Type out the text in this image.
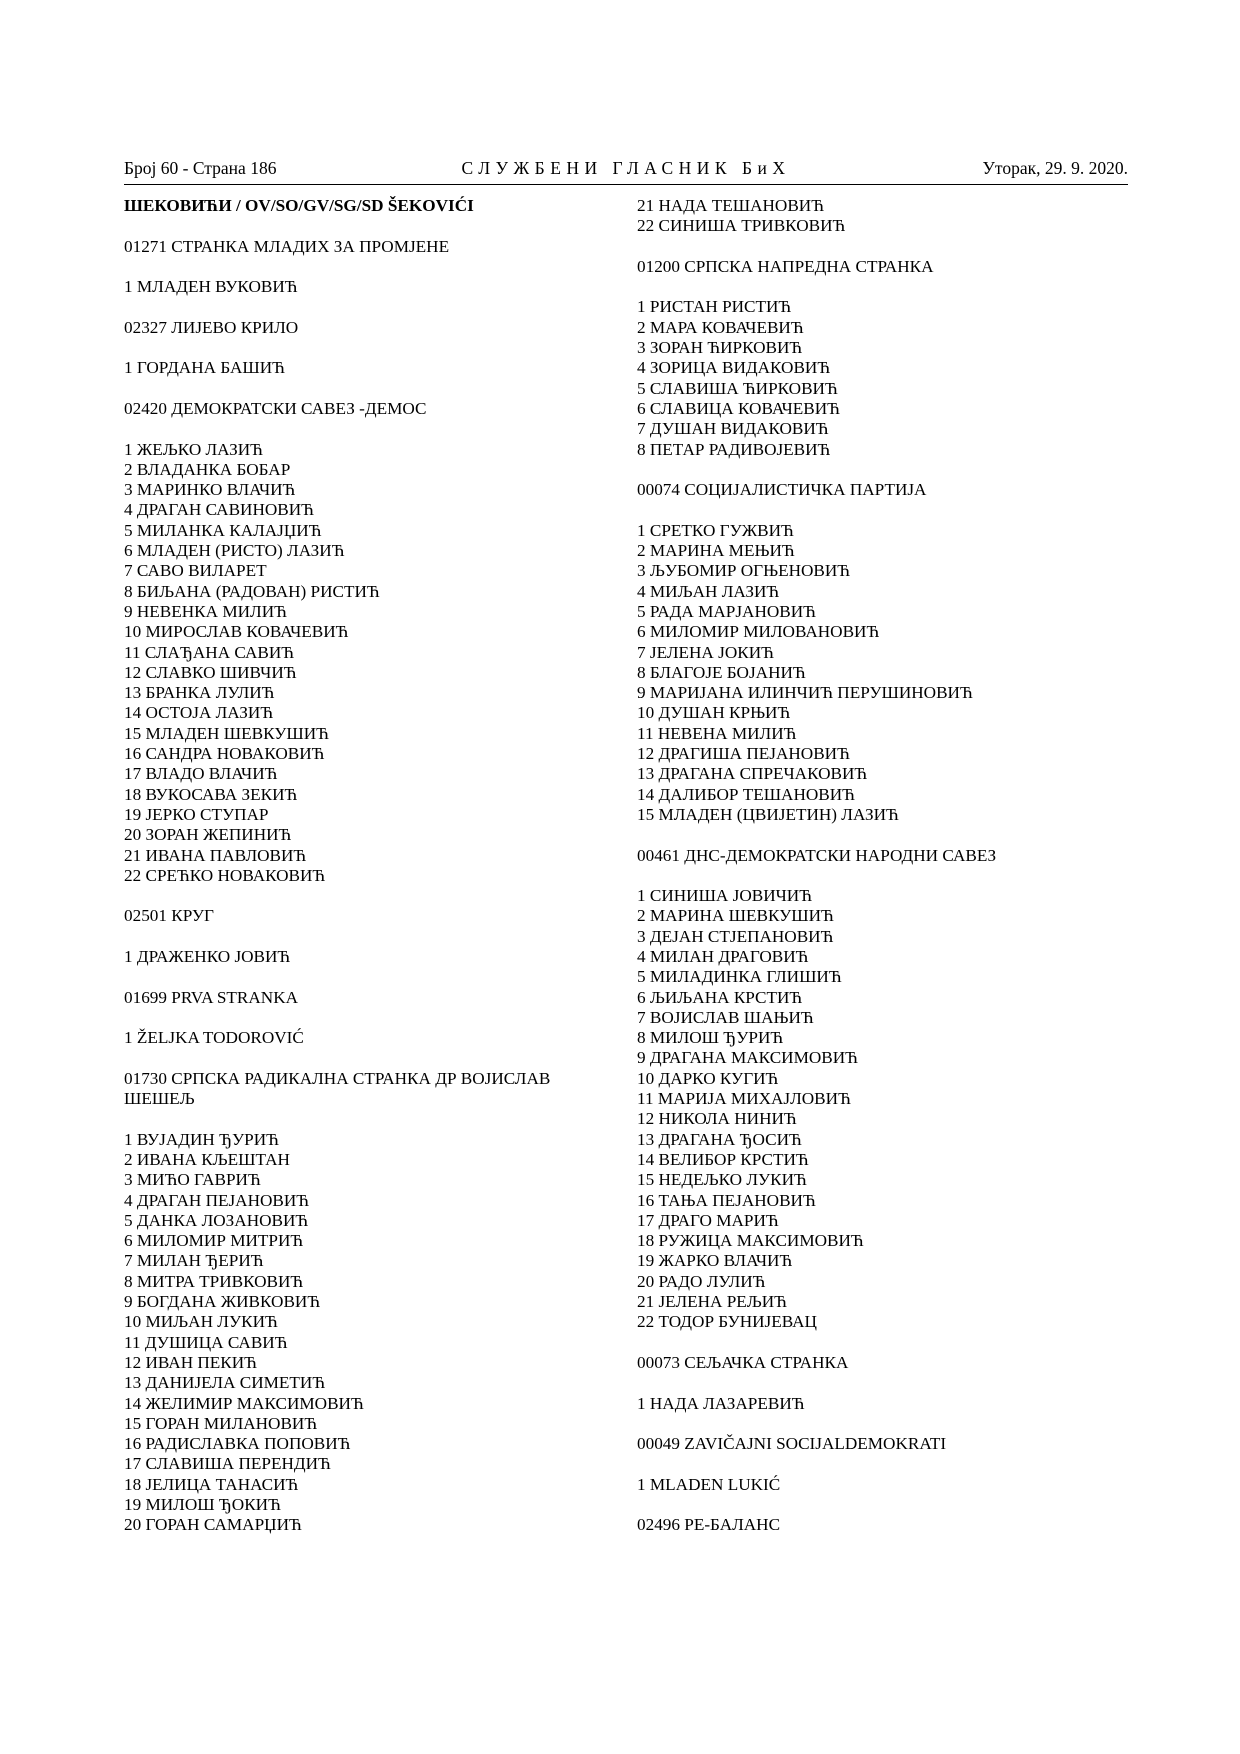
Број 60 - Страна 186	СЛУЖБЕНИ ГЛАСНИК БиХ	Уторак, 29. 9. 2020.
ШЕКОВИЋИ / OV/SO/GV/SG/SD ŠEKOVIĆI
01271 СТРАНКА МЛАДИХ ЗА ПРОМЈЕНЕ
1 МЛАДЕН ВУКОВИЋ
02327 ЛИЈЕВО КРИЛО
1 ГОРДАНА БАШИЋ
02420 ДЕМОКРАТСКИ САВЕЗ -ДЕМОС
1 ЖЕЉКО ЛАЗИЋ
2 ВЛАДАНКА БОБАР
3 МАРИНКО ВЛАЧИЋ
4 ДРАГАН САВИНОВИЋ
5 МИЛАНКА КАЛАЈЏИЋ
6 МЛАДЕН (РИСТО) ЛАЗИЋ
7 САВО ВИЛАРЕТ
8 БИЉАНА (РАДОВАН) РИСТИЋ
9 НЕВЕНКА МИЛИЋ
10 МИРОСЛАВ КОВАЧЕВИЋ
11 СЛАЂАНА САВИЋ
12 СЛАВКО ШИВЧИЋ
13 БРАНКА ЛУЛИЋ
14 ОСТОЈА ЛАЗИЋ
15 МЛАДЕН ШЕВКУШИЋ
16 САНДРА НОВАКОВИЋ
17 ВЛАДО ВЛАЧИЋ
18 ВУКОСАВА ЗЕКИЋ
19 ЈЕРКО СТУПАР
20 ЗОРАН ЖЕПИНИЋ
21 ИВАНА ПАВЛОВИЋ
22 СРЕЋКО НОВАКОВИЋ
02501 КРУГ
1 ДРАЖЕНКО ЈОВИЋ
01699 PRVA STRANKA
1 ŽELJKA TODOROVIĆ
01730 СРПСКА РАДИКАЛНА СТРАНКА ДР ВОЈИСЛАВ
ШЕШЕЉ
1 ВУЈАДИН ЂУРИЋ
2 ИВАНА КЉЕШТАН
3 МИЋО ГАВРИЋ
4 ДРАГАН ПЕЈАНОВИЋ
5 ДАНКА ЛОЗАНОВИЋ
6 МИЛОМИР МИТРИЋ
7 МИЛАН ЂЕРИЋ
8 МИТРА ТРИВКОВИЋ
9 БОГДАНА ЖИВКОВИЋ
10 МИЉАН ЛУКИЋ
11 ДУШИЦА САВИЋ
12 ИВАН ПЕКИЋ
13 ДАНИЈЕЛА СИМЕТИЋ
14 ЖЕЛИМИР МАКСИМОВИЋ
15 ГОРАН МИЛАНОВИЋ
16 РАДИСЛАВКА ПОПОВИЋ
17 СЛАВИША ПЕРЕНДИЋ
18 ЈЕЛИЦА ТАНАСИЋ
19 МИЛОШ ЂОКИЋ
20 ГОРАН САМАРЏИЋ
21 НАДА ТЕШАНОВИЋ
22 СИНИША ТРИВКОВИЋ
01200 СРПСКА НАПРЕДНА СТРАНКА
1 РИСТАН РИСТИЋ
2 МАРА КОВАЧЕВИЋ
3 ЗОРАН ЋИРКОВИЋ
4 ЗОРИЦА ВИДАКОВИЋ
5 СЛАВИША ЋИРКОВИЋ
6 СЛАВИЦА КОВАЧЕВИЋ
7 ДУШАН ВИДАКОВИЋ
8 ПЕТАР РАДИВОЈЕВИЋ
00074 СОЦИЈАЛИСТИЧКА ПАРТИЈА
1 СРЕТКО ГУЖВИЋ
2 МАРИНА МЕЊИЋ
3 ЉУБОМИР ОГЊЕНОВИЋ
4 МИЉАН ЛАЗИЋ
5 РАДА МАРЈАНОВИЋ
6 МИЛОМИР МИЛОВАНОВИЋ
7 ЈЕЛЕНА ЈОКИЋ
8 БЛАГОЈЕ БОЈАНИЋ
9 МАРИЈАНА ИЛИНЧИЋ ПЕРУШИНОВИЋ
10 ДУШАН КРЊИЋ
11 НЕВЕНА МИЛИЋ
12 ДРАГИША ПЕЈАНОВИЋ
13 ДРАГАНА СПРЕЧАКОВИЋ
14 ДАЛИБОР ТЕШАНОВИЋ
15 МЛАДЕН (ЦВИЈЕТИН) ЛАЗИЋ
00461 ДНС-ДЕМОКРАТСКИ НАРОДНИ САВЕЗ
1 СИНИША ЈОВИЧИЋ
2 МАРИНА ШЕВКУШИЋ
3 ДЕЈАН СТЈЕПАНОВИЋ
4 МИЛАН ДРАГОВИЋ
5 МИЛАДИНКА ГЛИШИЋ
6 ЉИЉАНА КРСТИЋ
7 ВОЈИСЛАВ ШАЊИЋ
8 МИЛОШ ЂУРИЋ
9 ДРАГАНА МАКСИМОВИЋ
10 ДАРКО КУГИЋ
11 МАРИЈА МИХАЈЛОВИЋ
12 НИКОЛА НИНИЋ
13 ДРАГАНА ЂОСИЋ
14 ВЕЛИБОР КРСТИЋ
15 НЕДЕЉКО ЛУКИЋ
16 ТАЊА ПЕЈАНОВИЋ
17 ДРАГО МАРИЋ
18 РУЖИЦА МАКСИМОВИЋ
19 ЖАРКО ВЛАЧИЋ
20 РАДО ЛУЛИЋ
21 ЈЕЛЕНА РЕЉИЋ
22 ТОДОР БУНИЈЕВАЦ
00073 СЕЉАЧКА СТРАНКА
1 НАДА ЛАЗАРЕВИЋ
00049 ZAVIČAJNI SOCIJALDEMOKRATI
1 MLADEN LUKIĆ
02496 РЕ-БАЛАНС
